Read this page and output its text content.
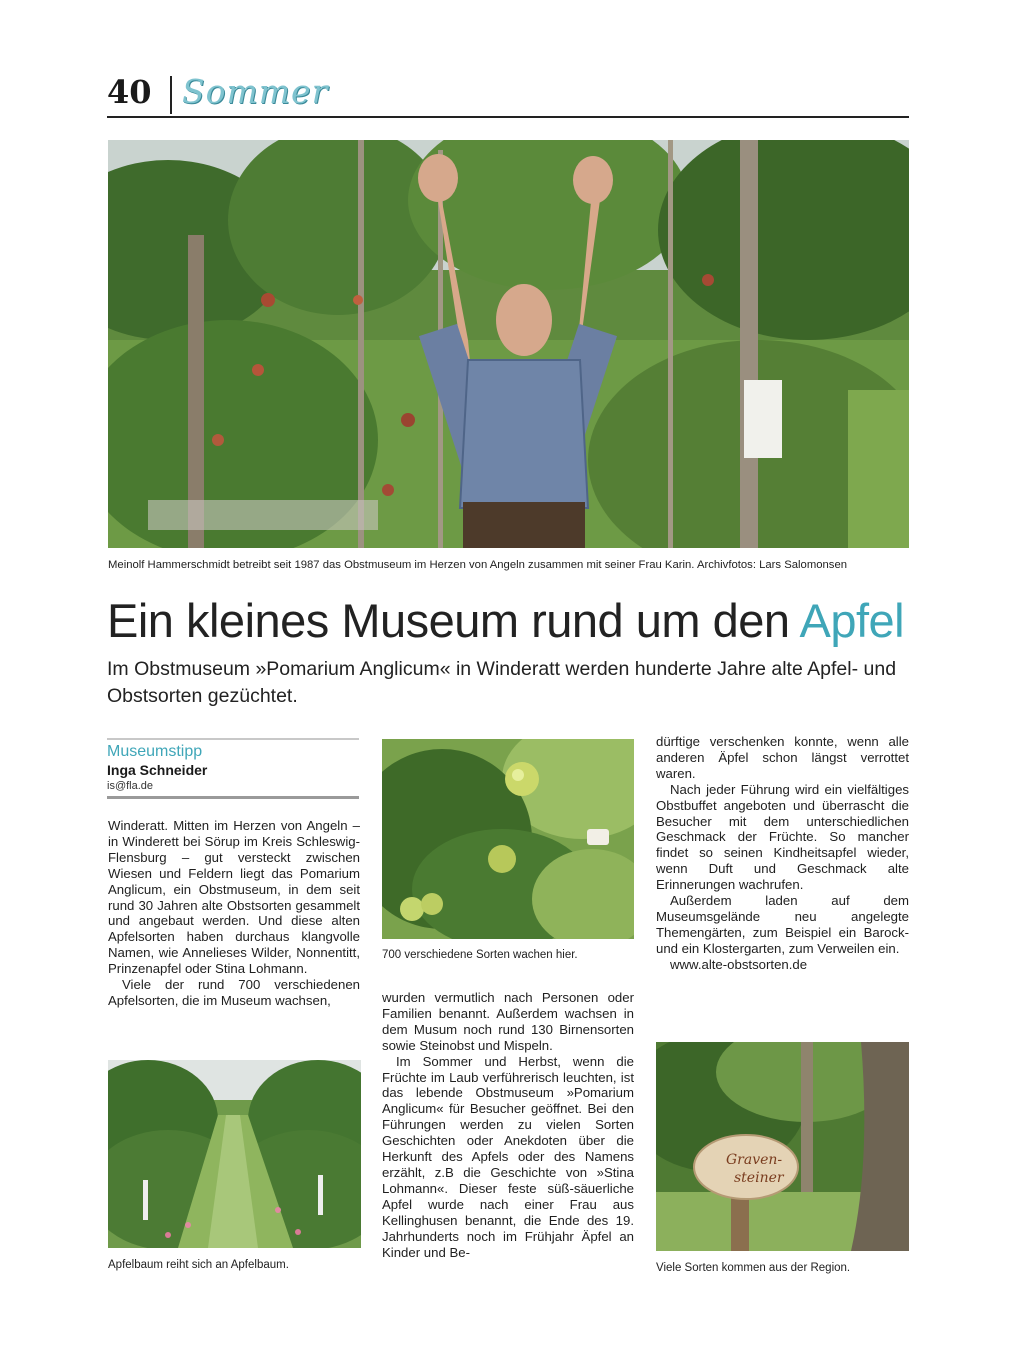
40 Sommer
Meinolf Hammerschmidt betreibt seit 1987 das Obstmuseum im Herzen von Angeln zusammen mit seiner Frau Karin. Archivfotos: Lars Salomonsen
Ein kleines Museum rund um den Apfel
Im Obstmuseum »Pomarium Anglicum« in Winderatt werden hunderte Jahre alte Apfel- und Obstsorten gezüchtet.
Museumstipp
Inga Schneider
is@fla.de

Winderatt. Mitten im Herzen von Angeln – in Winderett bei Sörup im Kreis Schleswig-Flensburg – gut versteckt zwischen Wiesen und Feldern liegt das Pomarium Anglicum, ein Obstmuseum, in dem seit rund 30 Jahren alte Obstsorten gesammelt und angebaut werden. Und diese alten Apfelsorten haben durchaus klangvolle Namen, wie Annelieses Wilder, Nonnentitt, Prinzenapfel oder Stina Lohmann.

Viele der rund 700 verschiedenen Apfelsorten, die im Museum wachsen,

Apfelbaum reiht sich an Apfelbaum.
700 verschiedene Sorten wachen hier.

wurden vermutlich nach Personen oder Familien benannt. Außerdem wachsen in dem Musum noch rund 130 Birnensorten sowie Steinobst und Mispeln.

Im Sommer und Herbst, wenn die Früchte im Laub verführerisch leuchten, ist das lebende Obstmuseum »Pomarium Anglicum« für Besucher geöffnet. Bei den Führungen werden zu vielen Sorten Geschichten oder Anekdoten über die Herkunft des Apfels oder des Namens erzählt, z.B die Geschichte von »Stina Lohmann«. Dieser feste süß-säuerliche Apfel wurde nach einer Frau aus Kellinghusen benannt, die Ende des 19. Jahrhunderts noch im Frühjahr Äpfel an Kinder und Be-

dürftige verschenken konnte, wenn alle anderen Äpfel schon längst verrottet waren.

Nach jeder Führung wird ein vielfältiges Obstbuffet angeboten und überrascht die Besucher mit dem unterschiedlichen Geschmack der Früchte. So mancher findet so seinen Kindheitsapfel wieder, wenn Duft und Geschmack alte Erinnerungen wachrufen.

Außerdem laden auf dem Museumsgelände neu angelegte Themengärten, zum Beispiel ein Barock- und ein Klostergarten, zum Verweilen ein.

www.alte-obstsorten.de

Graven-
steiner
Viele Sorten kommen aus der Region.
